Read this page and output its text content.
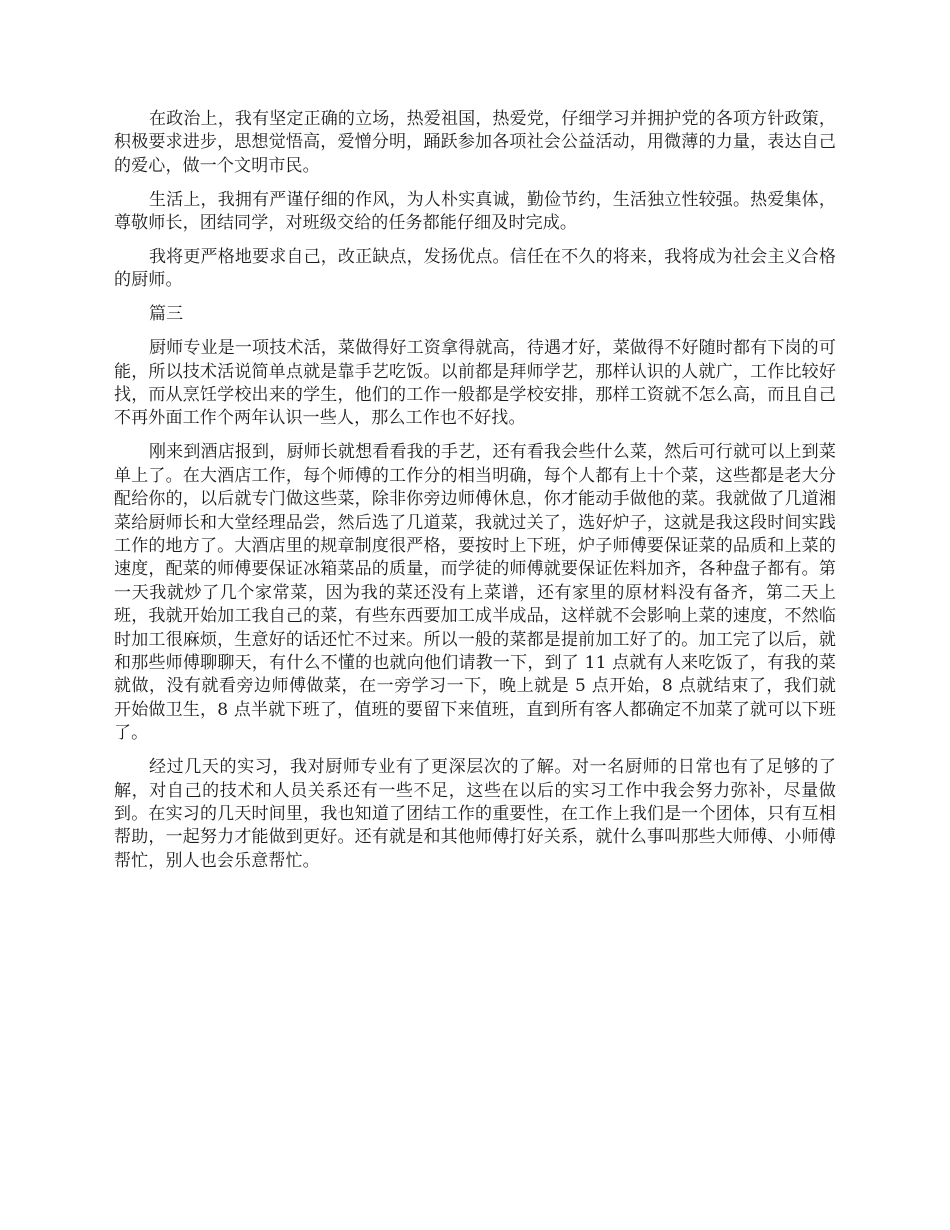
在政治上，我有坚定正确的立场，热爱祖国，热爱党，仔细学习并拥护党的各项方针政策，积极要求进步，思想觉悟高，爱憎分明，踊跃参加各项社会公益活动，用微薄的力量，表达自己的爱心，做一个文明市民。

生活上，我拥有严谨仔细的作风，为人朴实真诚，勤俭节约，生活独立性较强。热爱集体，尊敬师长，团结同学，对班级交给的任务都能仔细及时完成。

我将更严格地要求自己，改正缺点，发扬优点。信任在不久的将来，我将成为社会主义合格的厨师。

篇三

厨师专业是一项技术活，菜做得好工资拿得就高，待遇才好，菜做得不好随时都有下岗的可能，所以技术活说简单点就是靠手艺吃饭。以前都是拜师学艺，那样认识的人就广，工作比较好找，而从烹饪学校出来的学生，他们的工作一般都是学校安排，那样工资就不怎么高，而且自己不再外面工作个两年认识一些人，那么工作也不好找。

刚来到酒店报到，厨师长就想看看我的手艺，还有看我会些什么菜，然后可行就可以上到菜单上了。在大酒店工作，每个师傅的工作分的相当明确，每个人都有上十个菜，这些都是老大分配给你的，以后就专门做这些菜，除非你旁边师傅休息，你才能动手做他的菜。我就做了几道湘菜给厨师长和大堂经理品尝，然后选了几道菜，我就过关了，选好炉子，这就是我这段时间实践工作的地方了。大酒店里的规章制度很严格，要按时上下班，炉子师傅要保证菜的品质和上菜的速度，配菜的师傅要保证冰箱菜品的质量，而学徒的师傅就要保证佐料加齐，各种盘子都有。第一天我就炒了几个家常菜，因为我的菜还没有上菜谱，还有家里的原材料没有备齐，第二天上班，我就开始加工我自己的菜，有些东西要加工成半成品，这样就不会影响上菜的速度，不然临时加工很麻烦，生意好的话还忙不过来。所以一般的菜都是提前加工好了的。加工完了以后，就和那些师傅聊聊天，有什么不懂的也就向他们请教一下，到了 11 点就有人来吃饭了，有我的菜就做，没有就看旁边师傅做菜，在一旁学习一下，晚上就是 5 点开始，8 点就结束了，我们就开始做卫生，8 点半就下班了，值班的要留下来值班，直到所有客人都确定不加菜了就可以下班了。

经过几天的实习，我对厨师专业有了更深层次的了解。对一名厨师的日常也有了足够的了解，对自己的技术和人员关系还有一些不足，这些在以后的实习工作中我会努力弥补，尽量做到。在实习的几天时间里，我也知道了团结工作的重要性，在工作上我们是一个团体，只有互相帮助，一起努力才能做到更好。还有就是和其他师傅打好关系，就什么事叫那些大师傅、小师傅帮忙，别人也会乐意帮忙。
